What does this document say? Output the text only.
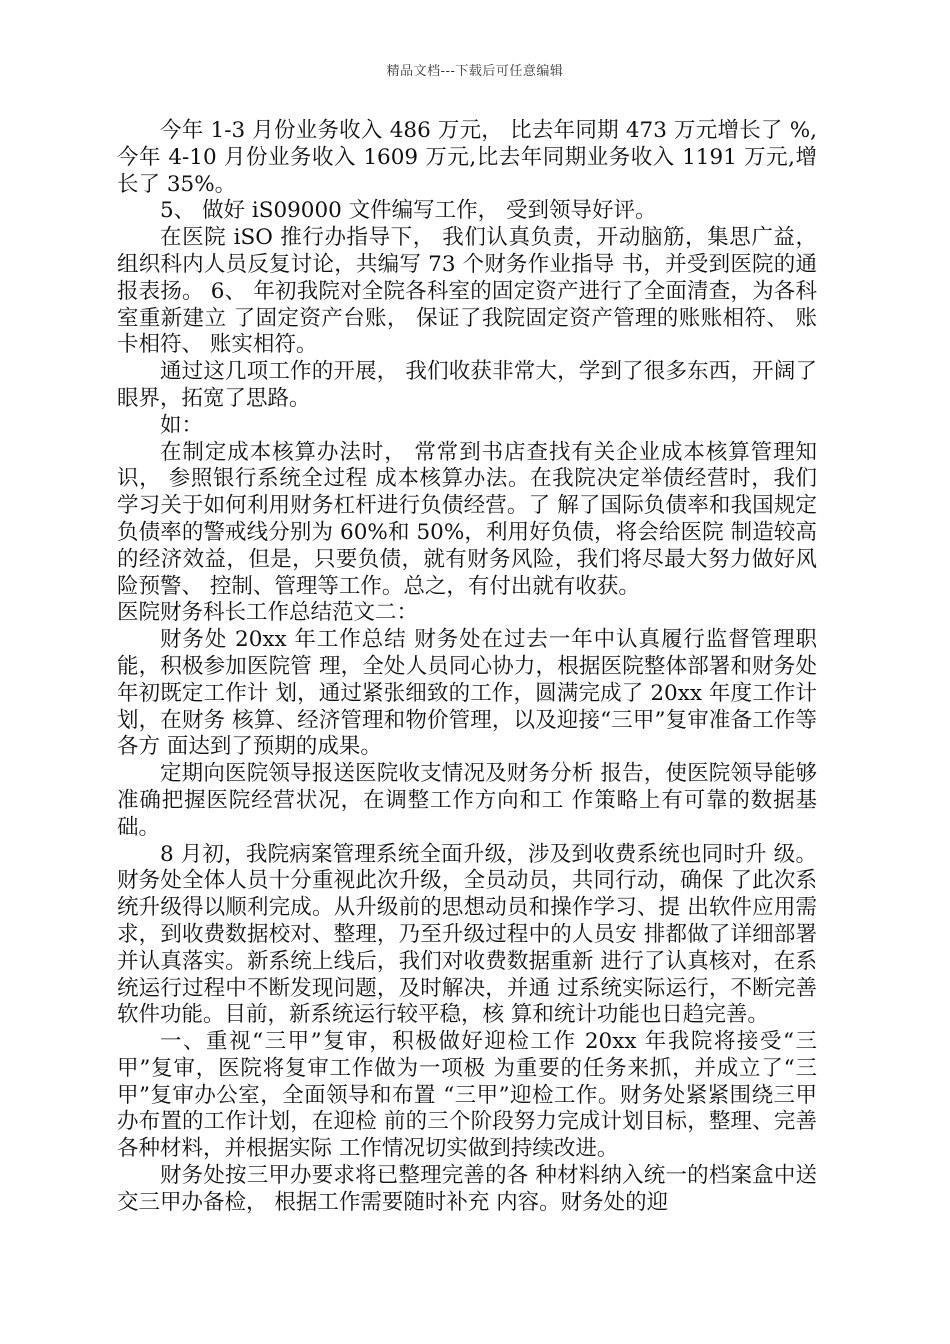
精品文档---下载后可任意编辑

今年 1-3 月份业务收入 486 万元， 比去年同期 473 万元增长了 %,今年 4-10 月份业务收入 1609 万元,比去年同期业务收入 1191 万元,增长了 35%。

5、 做好 iS09000 文件编写工作， 受到领导好评。

在医院 iSO 推行办指导下， 我们认真负责，开动脑筋，集思广益，组织科内人员反复讨论，共编写 73 个财务作业指导 书，并受到医院的通报表扬。 6、 年初我院对全院各科室的固定资产进行了全面清查，为各科室重新建立 了固定资产台账， 保证了我院固定资产管理的账账相符、 账卡相符、 账实相符。

通过这几项工作的开展， 我们收获非常大，学到了很多东西，开阔了眼界，拓宽了思路。

如：

在制定成本核算办法时， 常常到书店查找有关企业成本核算管理知识， 参照银行系统全过程 成本核算办法。在我院决定举债经营时，我们学习关于如何利用财务杠杆进行负债经营。了 解了国际负债率和我国规定负债率的警戒线分别为 60%和 50%，利用好负债，将会给医院 制造较高的经济效益，但是，只要负债，就有财务风险，我们将尽最大努力做好风险预警、 控制、管理等工作。总之，有付出就有收获。

医院财务科长工作总结范文二：

财务处 20xx 年工作总结 财务处在过去一年中认真履行监督管理职能，积极参加医院管 理，全处人员同心协力，根据医院整体部署和财务处年初既定工作计 划，通过紧张细致的工作，圆满完成了 20xx 年度工作计划，在财务 核算、经济管理和物价管理，以及迎接“三甲”复审准备工作等各方 面达到了预期的成果。

定期向医院领导报送医院收支情况及财务分析 报告，使医院领导能够准确把握医院经营状况，在调整工作方向和工 作策略上有可靠的数据基础。

8 月初，我院病案管理系统全面升级，涉及到收费系统也同时升 级。财务处全体人员十分重视此次升级，全员动员，共同行动，确保 了此次系统升级得以顺利完成。从升级前的思想动员和操作学习、提 出软件应用需求，到收费数据校对、整理，乃至升级过程中的人员安 排都做了详细部署并认真落实。新系统上线后，我们对收费数据重新 进行了认真核对，在系统运行过程中不断发现问题，及时解决，并通 过系统实际运行，不断完善软件功能。目前，新系统运行较平稳，核 算和统计功能也日趋完善。

一、重视“三甲”复审，积极做好迎检工作 20xx 年我院将接受“三甲”复审，医院将复审工作做为一项极 为重要的任务来抓，并成立了“三甲”复审办公室，全面领导和布置 “三甲”迎检工作。财务处紧紧围绕三甲办布置的工作计划，在迎检 前的三个阶段努力完成计划目标，整理、完善各种材料，并根据实际 工作情况切实做到持续改进。

财务处按三甲办要求将已整理完善的各 种材料纳入统一的档案盒中送交三甲办备检， 根据工作需要随时补充 内容。财务处的迎
